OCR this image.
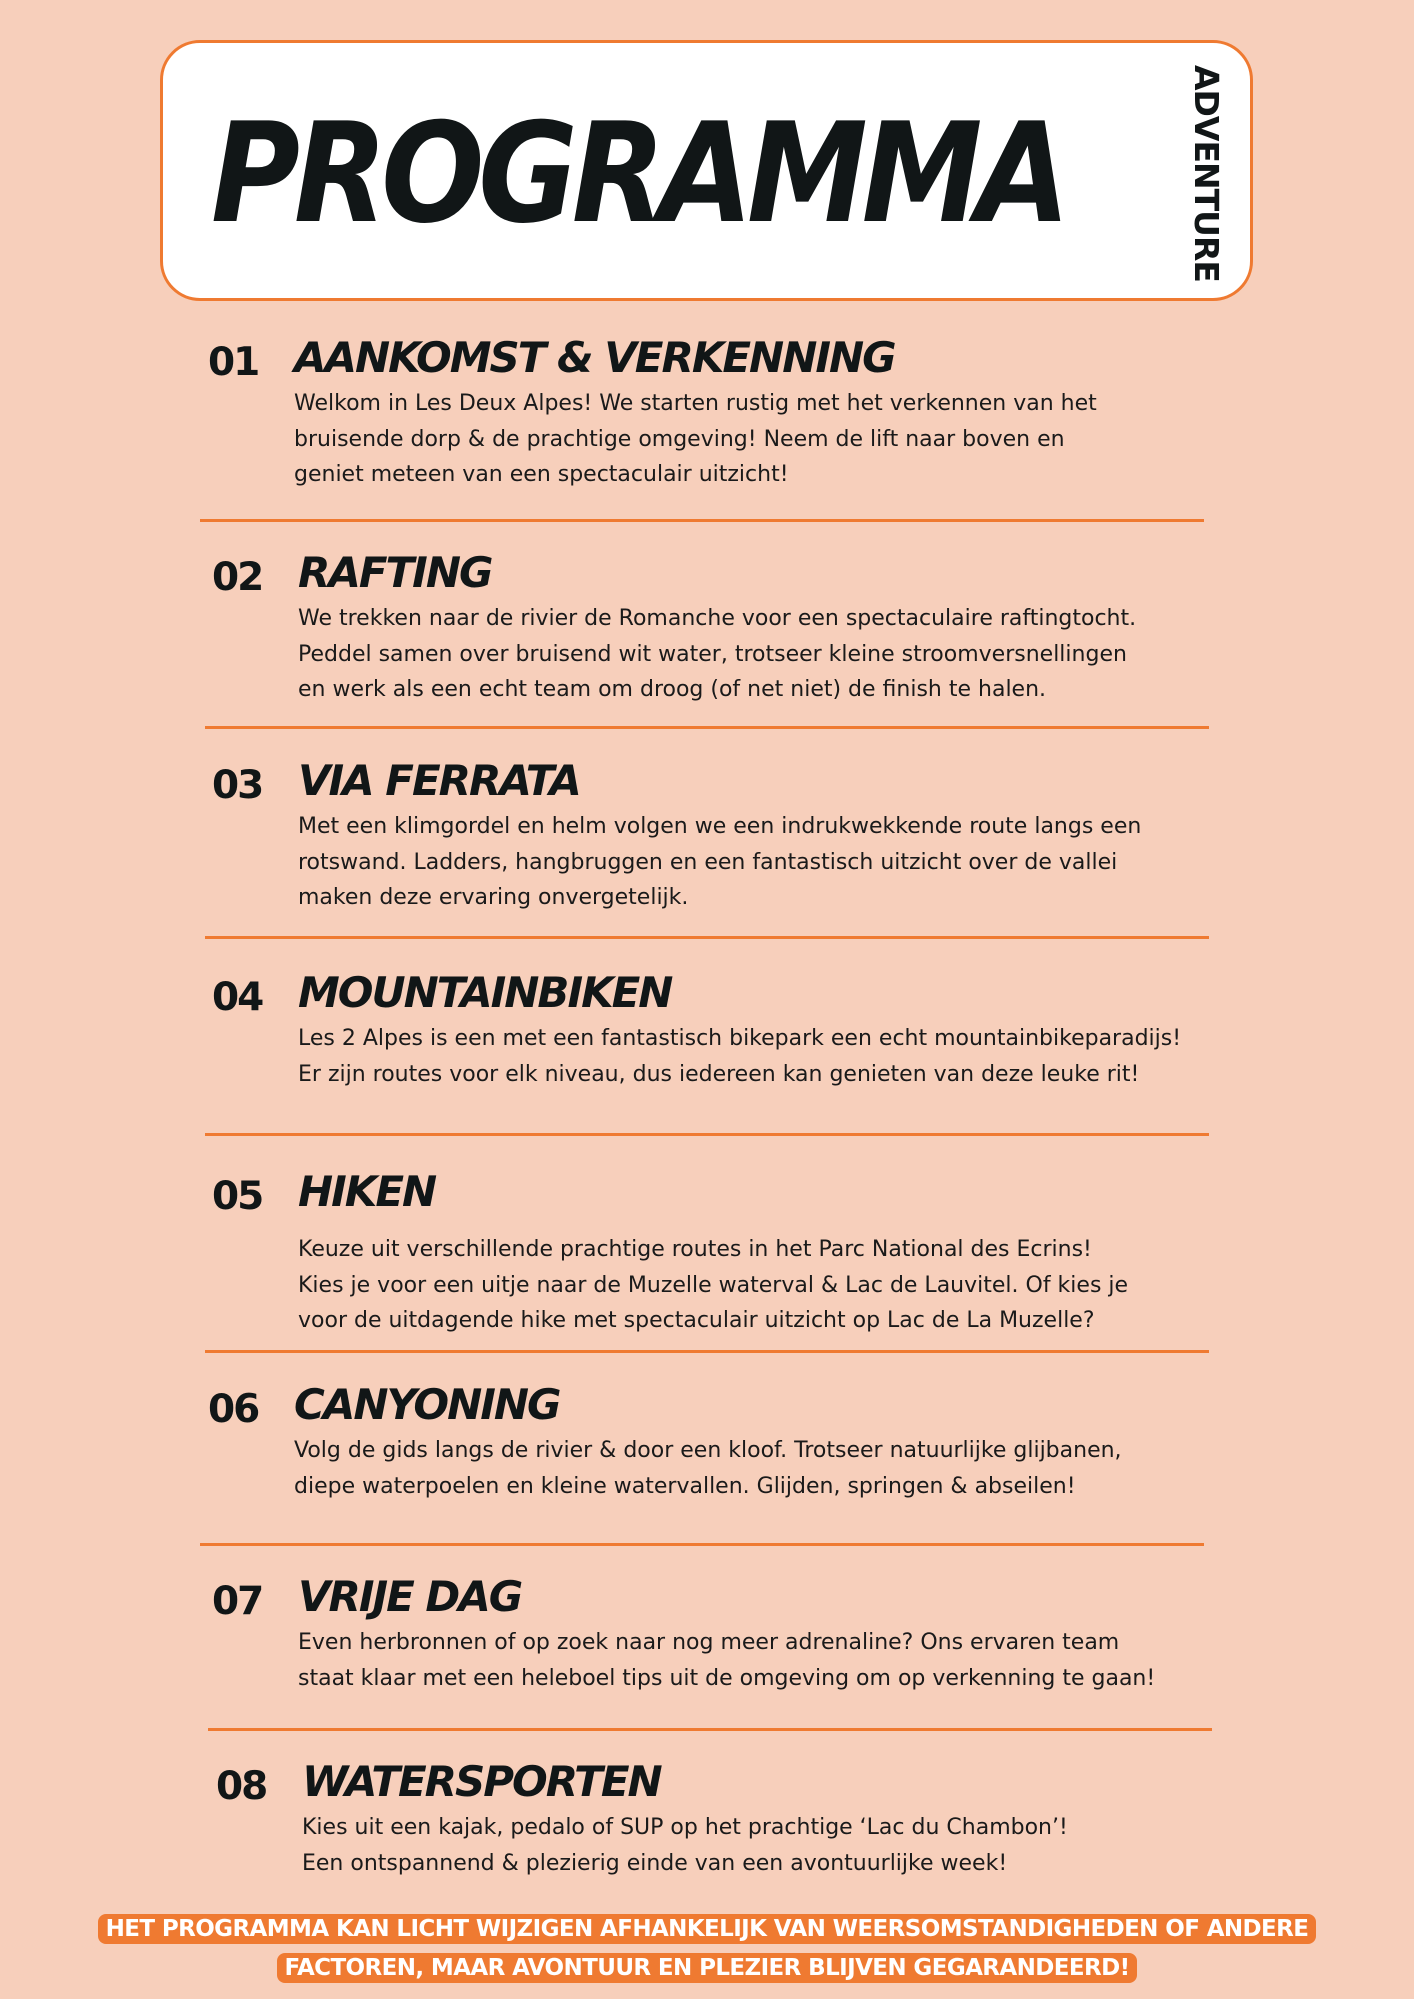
PROGRAMMA	ADVENTURE
01 AANKOMST & VERKENNING
Welkom in Les Deux Alpes! We starten rustig met het verkennen van het
bruisende dorp & de prachtige omgeving! Neem de lift naar boven en
geniet meteen van een spectaculair uitzicht!
02 RAFTING
We trekken naar de rivier de Romanche voor een spectaculaire raftingtocht.
Peddel samen over bruisend wit water, trotseer kleine stroomversnellingen
en werk als een echt team om droog (of net niet) de finish te halen.
03 VIA FERRATA
Met een klimgordel en helm volgen we een indrukwekkende route langs een
rotswand. Ladders, hangbruggen en een fantastisch uitzicht over de vallei
maken deze ervaring onvergetelijk.
04 MOUNTAINBIKEN
Les 2 Alpes is een met een fantastisch bikepark een echt mountainbikeparadijs!
Er zijn routes voor elk niveau, dus iedereen kan genieten van deze leuke rit!
05 HIKEN
Keuze uit verschillende prachtige routes in het Parc National des Ecrins!
Kies je voor een uitje naar de Muzelle waterval & Lac de Lauvitel. Of kies je
voor de uitdagende hike met spectaculair uitzicht op Lac de La Muzelle?
06 CANYONING
Volg de gids langs de rivier & door een kloof. Trotseer natuurlijke glijbanen,
diepe waterpoelen en kleine watervallen. Glijden, springen & abseilen!
07 VRIJE DAG
Even herbronnen of op zoek naar nog meer adrenaline? Ons ervaren team
staat klaar met een heleboel tips uit de omgeving om op verkenning te gaan!
08 WATERSPORTEN
Kies uit een kajak, pedalo of SUP op het prachtige ‘Lac du Chambon’!
Een ontspannend & plezierig einde van een avontuurlijke week!
HET PROGRAMMA KAN LICHT WIJZIGEN AFHANKELIJK VAN WEERSOMSTANDIGHEDEN OF ANDERE
FACTOREN, MAAR AVONTUUR EN PLEZIER BLIJVEN GEGARANDEERD!
